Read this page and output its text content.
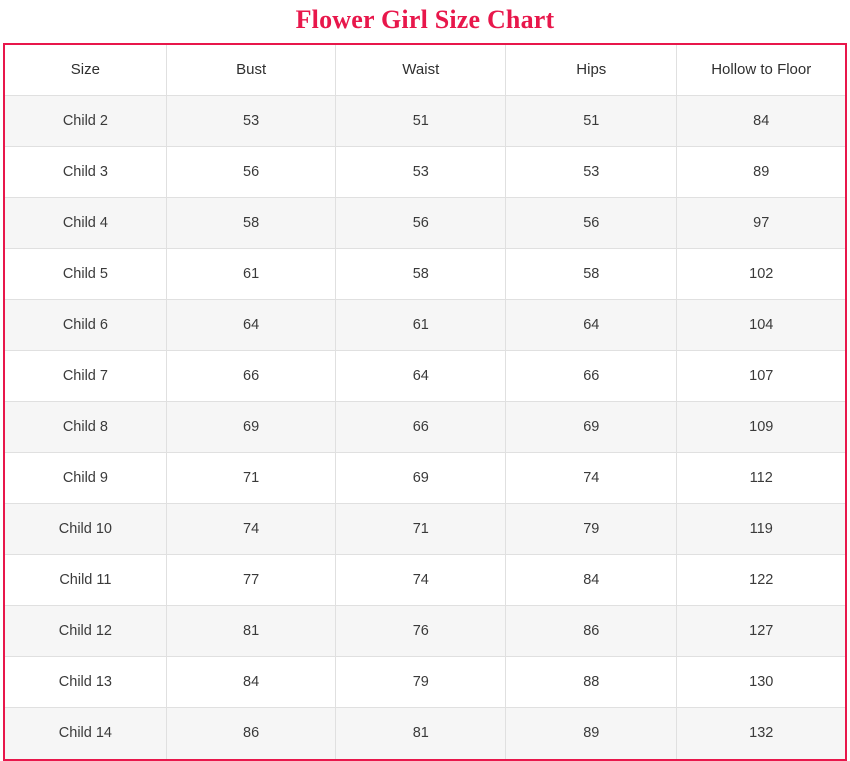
Flower Girl Size Chart
Size	Bust	Waist	Hips	Hollow to Floor
Child 2	53	51	51	84
Child 3	56	53	53	89
Child 4	58	56	56	97
Child 5	61	58	58	102
Child 6	64	61	64	104
Child 7	66	64	66	107
Child 8	69	66	69	109
Child 9	71	69	74	112
Child 10	74	71	79	119
Child 11	77	74	84	122
Child 12	81	76	86	127
Child 13	84	79	88	130
Child 14	86	81	89	132
